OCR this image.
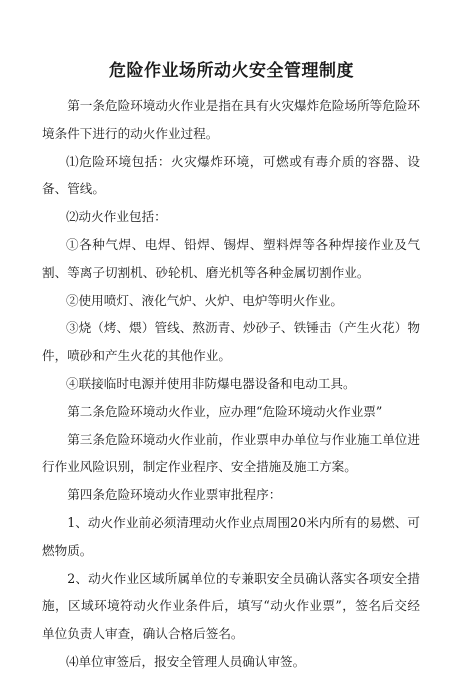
危险作业场所动火安全管理制度

第一条危险环境动火作业是指在具有火灾爆炸危险场所等危险环境条件下进行的动火作业过程。

⑴危险环境包括：火灾爆炸环境，可燃或有毒介质的容器、设备、管线。

⑵动火作业包括：

①各种气焊、电焊、铅焊、锡焊、塑料焊等各种焊接作业及气割、等离子切割机、砂轮机、磨光机等各种金属切割作业。

②使用喷灯、液化气炉、火炉、电炉等明火作业。

③烧（烤、煨）管线、熬沥青、炒砂子、铁锤击（产生火花）物件，喷砂和产生火花的其他作业。

④联接临时电源并使用非防爆电器设备和电动工具。

第二条危险环境动火作业，应办理“危险环境动火作业票”

第三条危险环境动火作业前，作业票申办单位与作业施工单位进行作业风险识别，制定作业程序、安全措施及施工方案。

第四条危险环境动火作业票审批程序：

1、动火作业前必须清理动火作业点周围20米内所有的易燃、可燃物质。

2、动火作业区域所属单位的专兼职安全员确认落实各项安全措施，区域环境符动火作业条件后，填写“动火作业票”，签名后交经单位负责人审查，确认合格后签名。

⑷单位审签后，报安全管理人员确认审签。
